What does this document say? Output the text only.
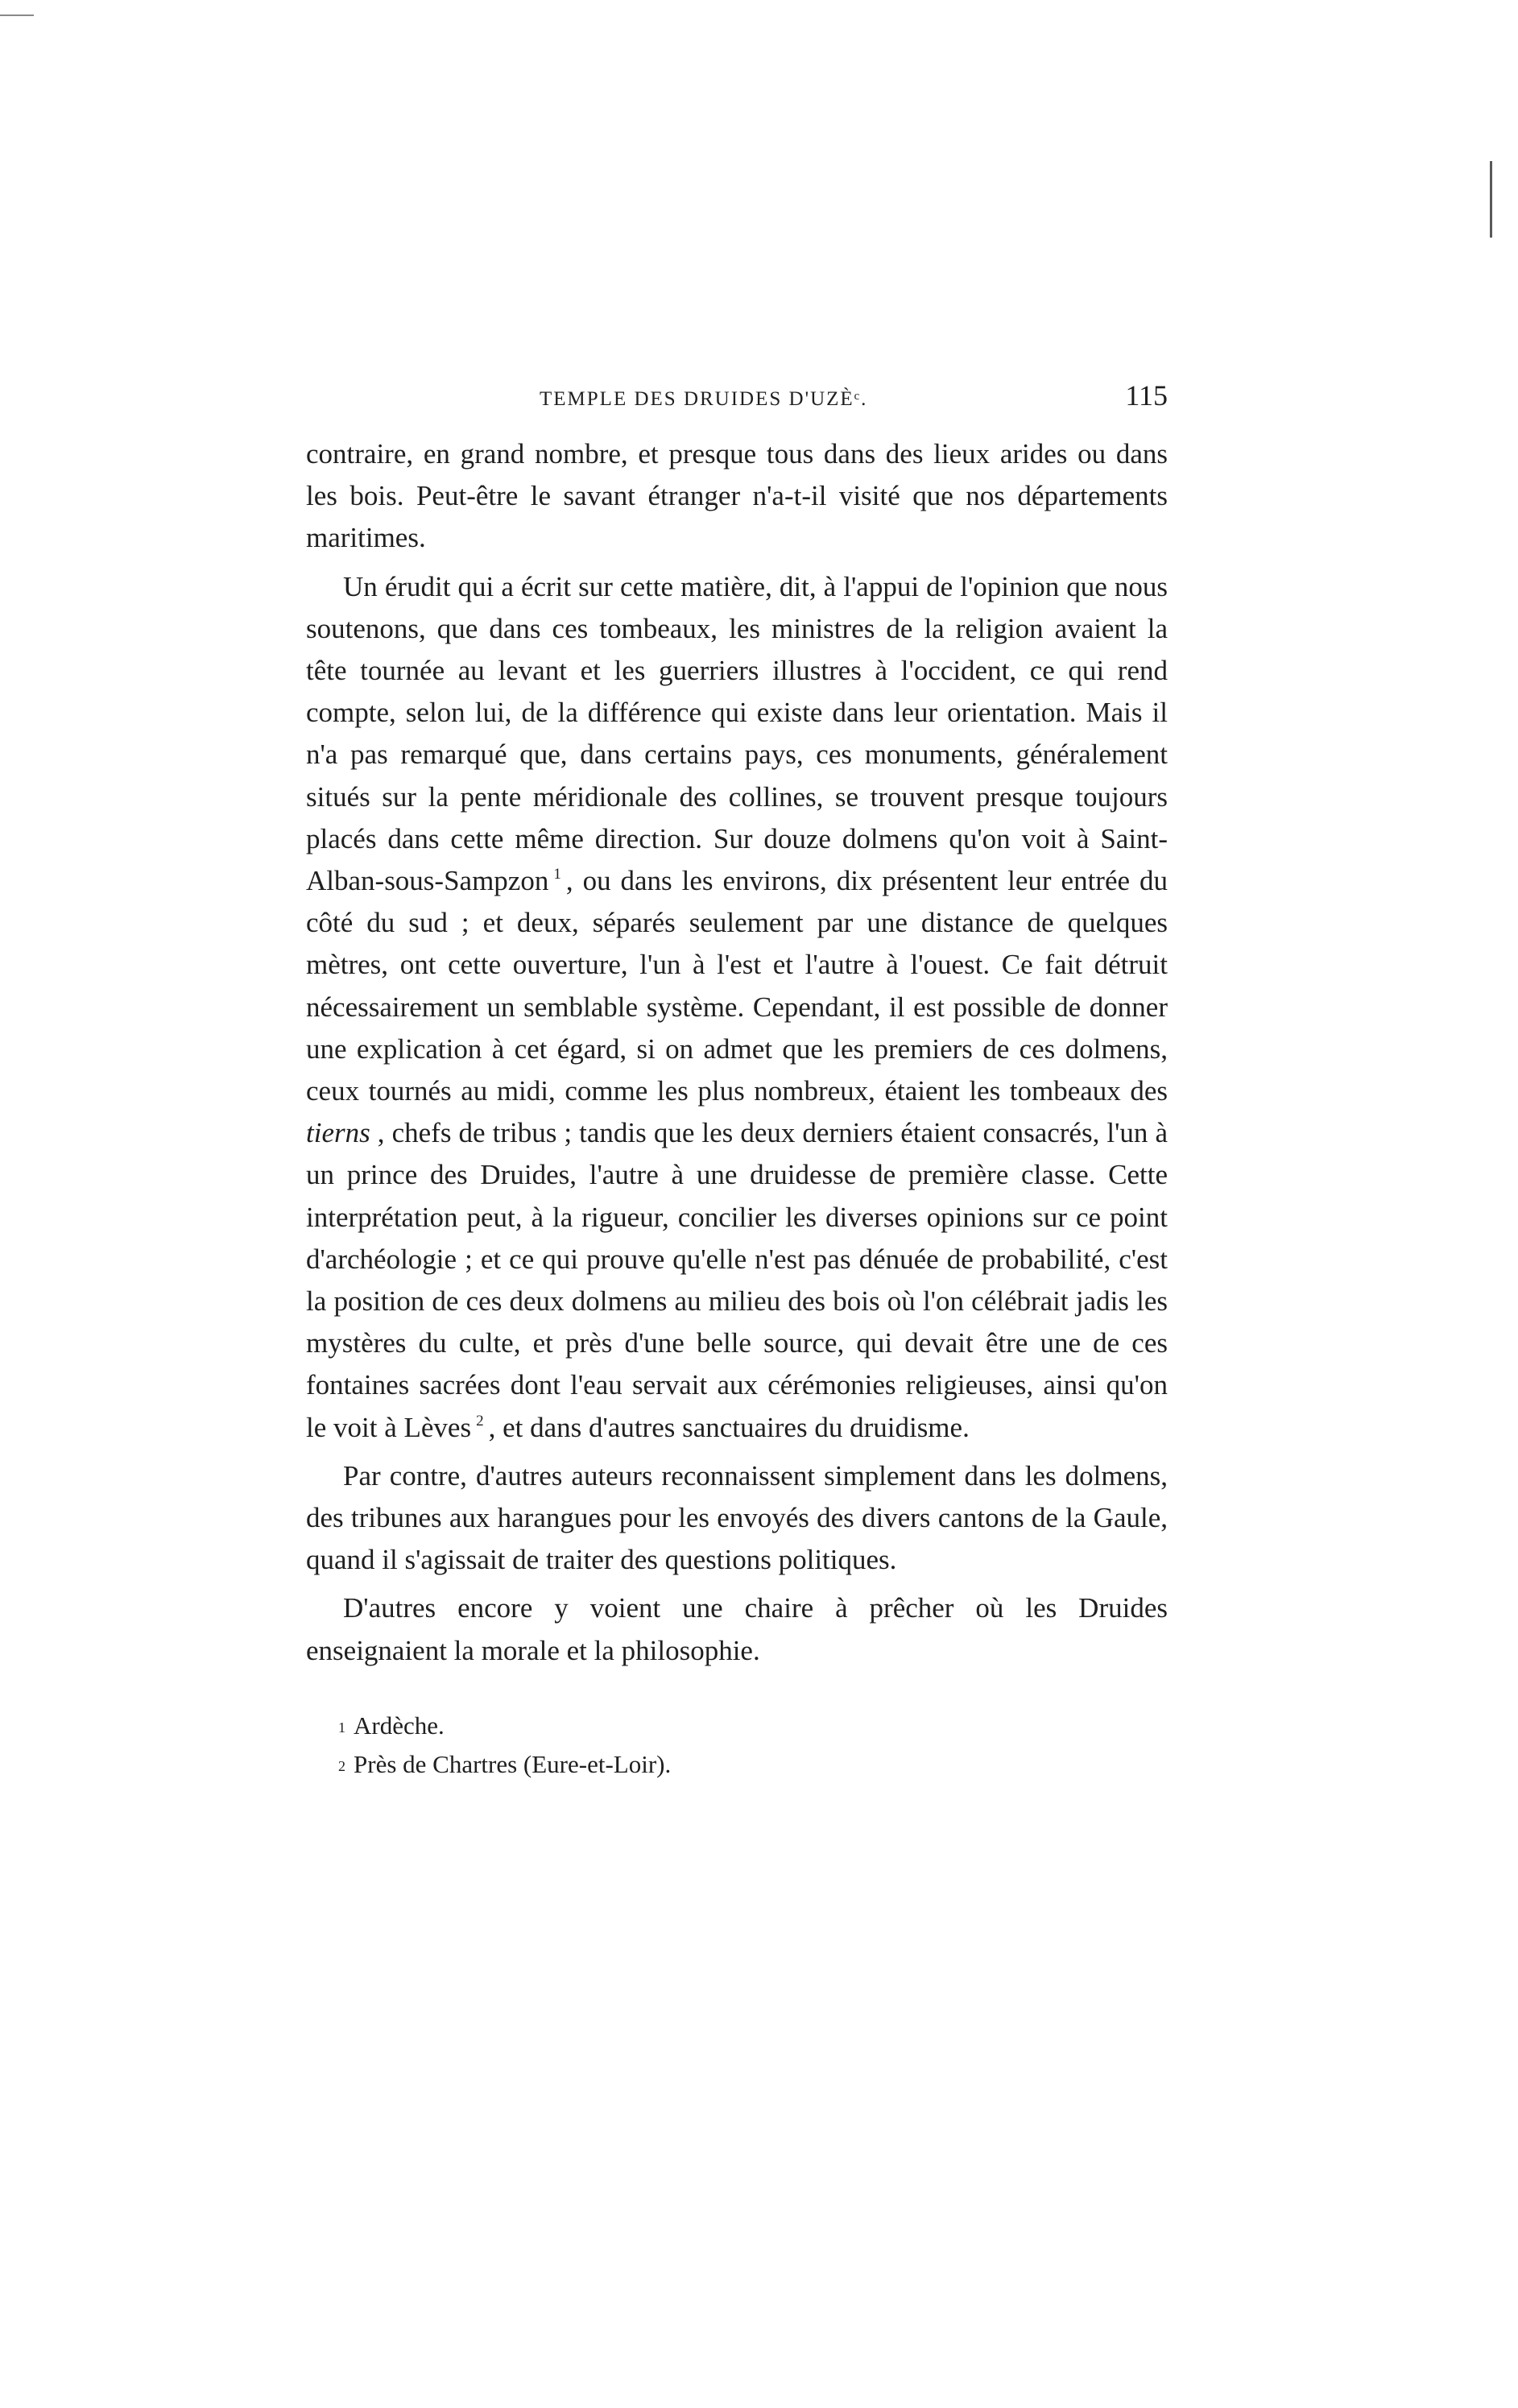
TEMPLE DES DRUIDES D'UZÈᶜ.	115

contraire, en grand nombre, et presque tous dans des lieux arides ou dans les bois. Peut-être le savant étranger n'a-t-il visité que nos départements maritimes.

Un érudit qui a écrit sur cette matière, dit, à l'appui de l'opinion que nous soutenons, que dans ces tombeaux, les ministres de la religion avaient la tête tournée au levant et les guerriers illustres à l'occident, ce qui rend compte, selon lui, de la différence qui existe dans leur orientation. Mais il n'a pas remarqué que, dans certains pays, ces monuments, généralement situés sur la pente méridionale des collines, se trouvent presque toujours placés dans cette même direction. Sur douze dolmens qu'on voit à Saint-Alban-sous-Sampzon $^1$ , ou dans les environs, dix présentent leur entrée du côté du sud ; et deux, séparés seulement par une distance de quelques mètres, ont cette ouverture, l'un à l'est et l'autre à l'ouest. Ce fait détruit nécessairement un semblable système. Cependant, il est possible de donner une explication à cet égard, si on admet que les premiers de ces dolmens, ceux tournés au midi, comme les plus nombreux, étaient les tombeaux des tierns , chefs de tribus ; tandis que les deux derniers étaient consacrés, l'un à un prince des Druides, l'autre à une druidesse de première classe. Cette interprétation peut, à la rigueur, concilier les diverses opinions sur ce point d'archéologie ; et ce qui prouve qu'elle n'est pas dénuée de probabilité, c'est la position de ces deux dolmens au milieu des bois où l'on célébrait jadis les mystères du culte, et près d'une belle source, qui devait être une de ces fontaines sacrées dont l'eau servait aux cérémonies religieuses, ainsi qu'on le voit à Lèves $^2$ , et dans d'autres sanctuaires du druidisme.

Par contre, d'autres auteurs reconnaissent simplement dans les dolmens, des tribunes aux harangues pour les envoyés des divers cantons de la Gaule, quand il s'agissait de traiter des questions politiques.

D'autres encore y voient une chaire à prêcher où les Druides enseignaient la morale et la philosophie.

1 Ardèche.
2 Près de Chartres (Eure-et-Loir).
